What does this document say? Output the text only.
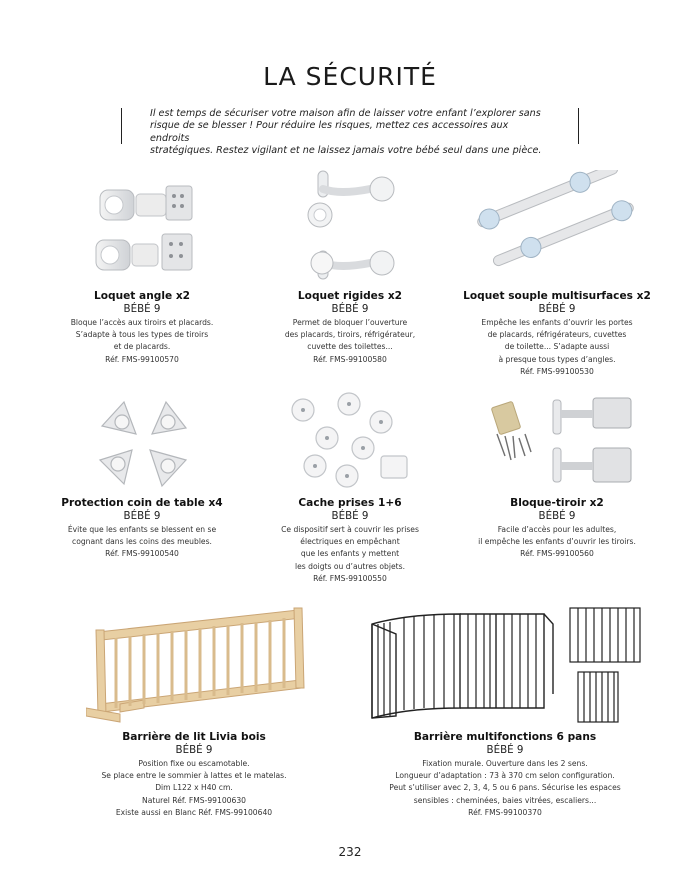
LA SÉCURITÉ

Il est temps de sécuriser votre maison afin de laisser votre enfant l’explorer sans

risque de se blesser ! Pour réduire les risques, mettez ces accessoires aux endroits

stratégiques. Restez vigilant et ne laissez jamais votre bébé seul dans une pièce.

Loquet angle x2
BÉBÉ 9
Bloque l’accès aux tiroirs et placards.
S’adapte à tous les types de tiroirs
et de placards.
Réf. FMS-99100570
Loquet rigides x2
BÉBÉ 9
Permet de bloquer l’ouverture
des placards, tiroirs, réfrigérateur,
cuvette des toilettes...
Réf. FMS-99100580
Loquet souple multisurfaces x2
BÉBÉ 9
Empêche les enfants d’ouvrir les portes
de placards, réfrigérateurs, cuvettes
de toilette... S’adapte aussi
à presque tous types d’angles.
Réf. FMS-99100530
Protection coin de table x4
BÉBÉ 9
Évite que les enfants se blessent en se
cognant dans les coins des meubles.
Réf. FMS-99100540
Cache prises 1+6
BÉBÉ 9
Ce dispositif sert à couvrir les prises
électriques en empêchant
que les enfants y mettent
les doigts ou d’autres objets.
Réf. FMS-99100550
Bloque-tiroir x2
BÉBÉ 9
Facile d’accès pour les adultes,
il empêche les enfants d’ouvrir les tiroirs.
Réf. FMS-99100560
Barrière de lit Livia bois
BÉBÉ 9
Position fixe ou escamotable.
Se place entre le sommier à lattes et le matelas.
Dim L122 x H40 cm.
Naturel Réf. FMS-99100630
Existe aussi en Blanc Réf. FMS-99100640
Barrière multifonctions 6 pans
BÉBÉ 9
Fixation murale. Ouverture dans les 2 sens.
Longueur d’adaptation : 73 à 370 cm selon configuration.
Peut s’utiliser avec 2, 3, 4, 5 ou 6 pans. Sécurise les espaces
sensibles : cheminées, baies vitrées, escaliers...
Réf. FMS-99100370
232
